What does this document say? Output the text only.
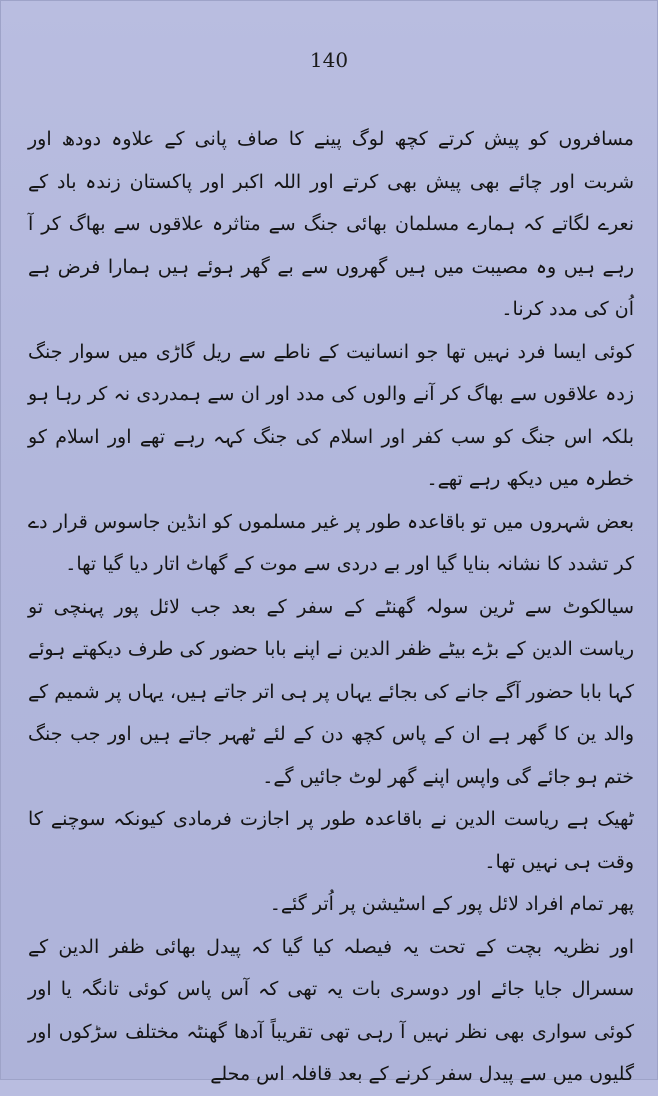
140

مسافروں کو پیش کرتے کچھ لوگ پینے کا صاف پانی کے علاوہ دودھ اور شربت اور چائے بھی پیش بھی کرتے اور اللہ اکبر اور پاکستان زندہ باد کے نعرے لگاتے کہ ہمارے مسلمان بھائی جنگ سے متاثرہ علاقوں سے بھاگ کر آ رہے ہیں وہ مصیبت میں ہیں گھروں سے بے گھر ہوئے ہیں ہمارا فرض ہے اُن کی مدد کرنا۔

کوئی ایسا فرد نہیں تھا جو انسانیت کے ناطے سے ریل گاڑی میں سوار جنگ زدہ علاقوں سے بھاگ کر آنے والوں کی مدد اور ان سے ہمدردی نہ کر رہا ہو بلکہ اس جنگ کو سب کفر اور اسلام کی جنگ کہہ رہے تھے اور اسلام کو خطرہ میں دیکھ رہے تھے۔

بعض شہروں میں تو باقاعدہ طور پر غیر مسلموں کو انڈین جاسوس قرار دے کر تشدد کا نشانہ بنایا گیا اور بے دردی سے موت کے گھاٹ اتار دیا گیا تھا۔

سیالکوٹ سے ٹرین سولہ گھنٹے کے سفر کے بعد جب لائل پور پہنچی تو ریاست الدین کے بڑے بیٹے ظفر الدین نے اپنے بابا حضور کی طرف دیکھتے ہوئے کہا بابا حضور آگے جانے کی بجائے یہاں پر ہی اتر جاتے ہیں، یہاں پر شمیم کے والد ین کا گھر ہے ان کے پاس کچھ دن کے لئے ٹھہر جاتے ہیں اور جب جنگ ختم ہو جائے گی واپس اپنے گھر لوٹ جائیں گے۔

ٹھیک ہے ریاست الدین نے باقاعدہ طور پر اجازت فرمادی کیونکہ سوچنے کا وقت ہی نہیں تھا۔

پھر تمام افراد لائل پور کے اسٹیشن پر اُتر گئے۔

اور نظریہ بچت کے تحت یہ فیصلہ کیا گیا کہ پیدل بھائی ظفر الدین کے سسرال جایا جائے اور دوسری بات یہ تھی کہ آس پاس کوئی تانگہ یا اور کوئی سواری بھی نظر نہیں آ رہی تھی تقریباً آدھا گھنٹہ مختلف سڑکوں اور گلیوں میں سے پیدل سفر کرنے کے بعد قافلہ اس محلے
